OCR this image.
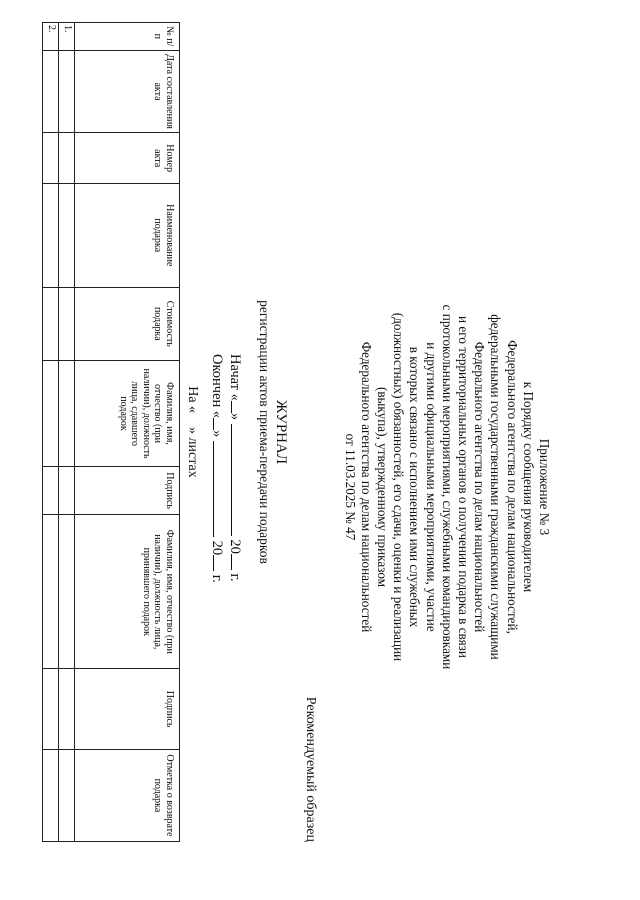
Приложение № 3
к Порядку сообщения руководителем
Федерального агентства по делам национальностей,
федеральными государственными гражданскими служащими
Федерального агентства по делам национальностей
и его территориальных органов о получении подарка в связи
с протокольными мероприятиями, служебными командировками
и другими официальными мероприятиями, участие
в которых связано с исполнением ими служебных
(должностных) обязанностей, его сдачи, оценки и реализации
(выкупа), утвержденному приказом
Федерального агентства по делам национальностей
от 11.03.2025 № 47
Рекомендуемый образец
ЖУРНАЛ
регистрации актов приема-передачи подарков
Начат «»  20 г.
Окончен «»  20 г.
На «    » листах
№ п/п	Дата составления акта	Номер акта	Наименование подарка	Стоимость подарка	Фамилия, имя, отчество (при наличии), должность лица, сдавшего подарок	Подпись	Фамилия, имя, отчество (при наличии), должность лица, принявшего подарок	Подпись	Отметка о возврате подарка
1.									
2.									
